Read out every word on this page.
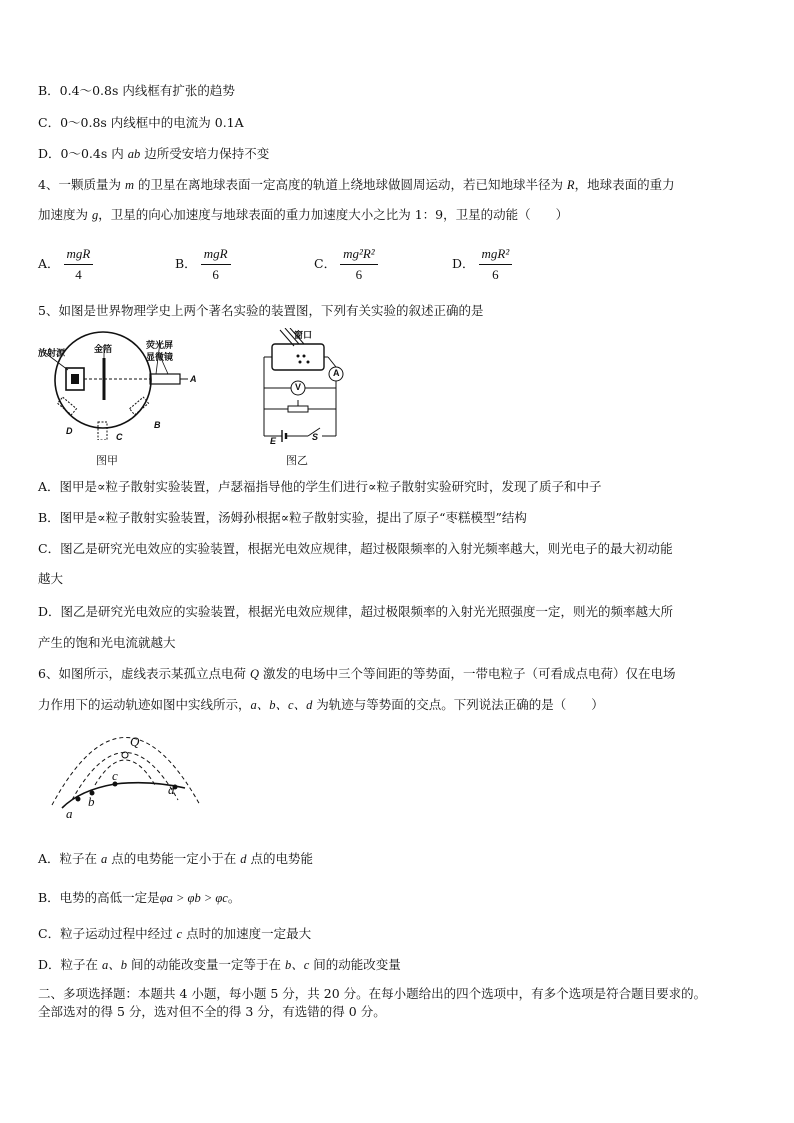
B．0.4～0.8s 内线框有扩张的趋势
C．0～0.8s 内线框中的电流为 0.1A
D．0～0.4s 内 ab 边所受安培力保持不变
4、一颗质量为 m 的卫星在离地球表面一定高度的轨道上绕地球做圆周运动，若已知地球半径为 R，地球表面的重力
加速度为 g，卫星的向心加速度与地球表面的重力加速度大小之比为 1：9，卫星的动能（　　）
A． $\frac{\text{mgR}}{4}$	B． $\frac{\text{mgR}}{6}$	C． $\frac{\text{mg²R²}}{6}$	D． $\frac{\text{mgR²}}{6}$
5、如图是世界物理学史上两个著名实验的装置图，下列有关实验的叙述正确的是
放射源	金箔	荧光屏
显微镜
A
B
C
D
图甲
窗口
A
V
E	S
图乙
A．图甲是∝粒子散射实验装置，卢瑟福指导他的学生们进行∝粒子散射实验研究时，发现了质子和中子
B．图甲是∝粒子散射实验装置，汤姆孙根据∝粒子散射实验，提出了原子“枣糕模型”结构
C．图乙是研究光电效应的实验装置，根据光电效应规律，超过极限频率的入射光频率越大，则光电子的最大初动能
越大
D．图乙是研究光电效应的实验装置，根据光电效应规律，超过极限频率的入射光光照强度一定，则光的频率越大所
产生的饱和光电流就越大
6、如图所示，虚线表示某孤立点电荷 Q 激发的电场中三个等间距的等势面，一带电粒子（可看成点电荷）仅在电场
力作用下的运动轨迹如图中实线所示，a、b、c、d 为轨迹与等势面的交点。下列说法正确的是（　　）
Q
a
b
c
d
A．粒子在 a 点的电势能一定小于在 d 点的电势能
B．电势的高低一定是φa > φb > φc。
C．粒子运动过程中经过 c 点时的加速度一定最大
D．粒子在 a、b 间的动能改变量一定等于在 b、c 间的动能改变量
二、多项选择题：本题共 4 小题，每小题 5 分，共 20 分。在每小题给出的四个选项中，有多个选项是符合题目要求的。
全部选对的得 5 分，选对但不全的得 3 分，有选错的得 0 分。
